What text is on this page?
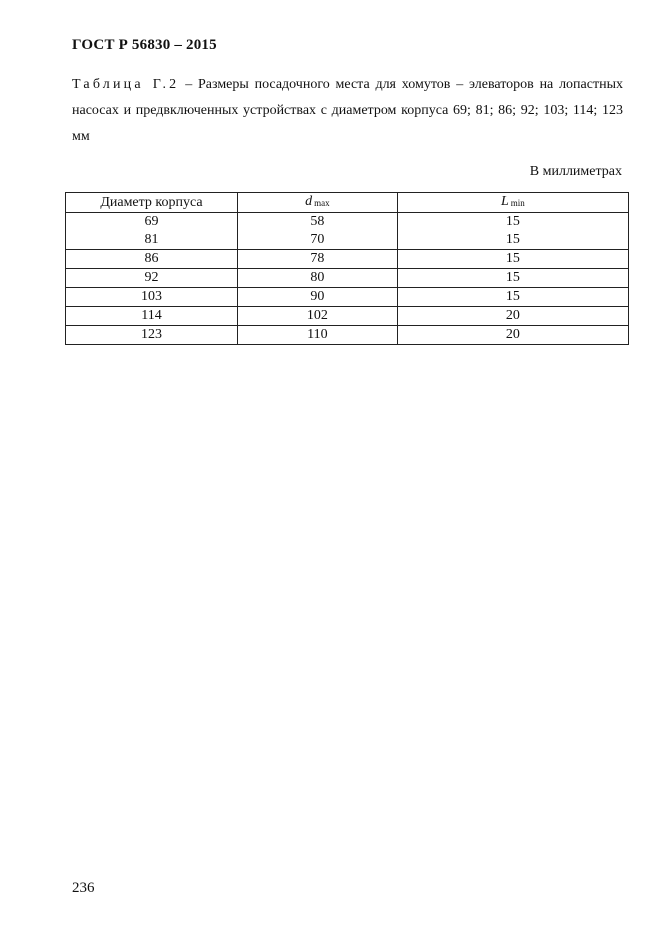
ГОСТ Р 56830 – 2015
Таблица Г.2 – Размеры посадочного места для хомутов – элеваторов на лопастных насосах и предвключенных устройствах с диаметром корпуса 69; 81; 86; 92; 103; 114; 123 мм
В миллиметрах
Диаметр корпуса	d max	L min
69	58	15
81	70	15
86	78	15
92	80	15
103	90	15
114	102	20
123	110	20
236
